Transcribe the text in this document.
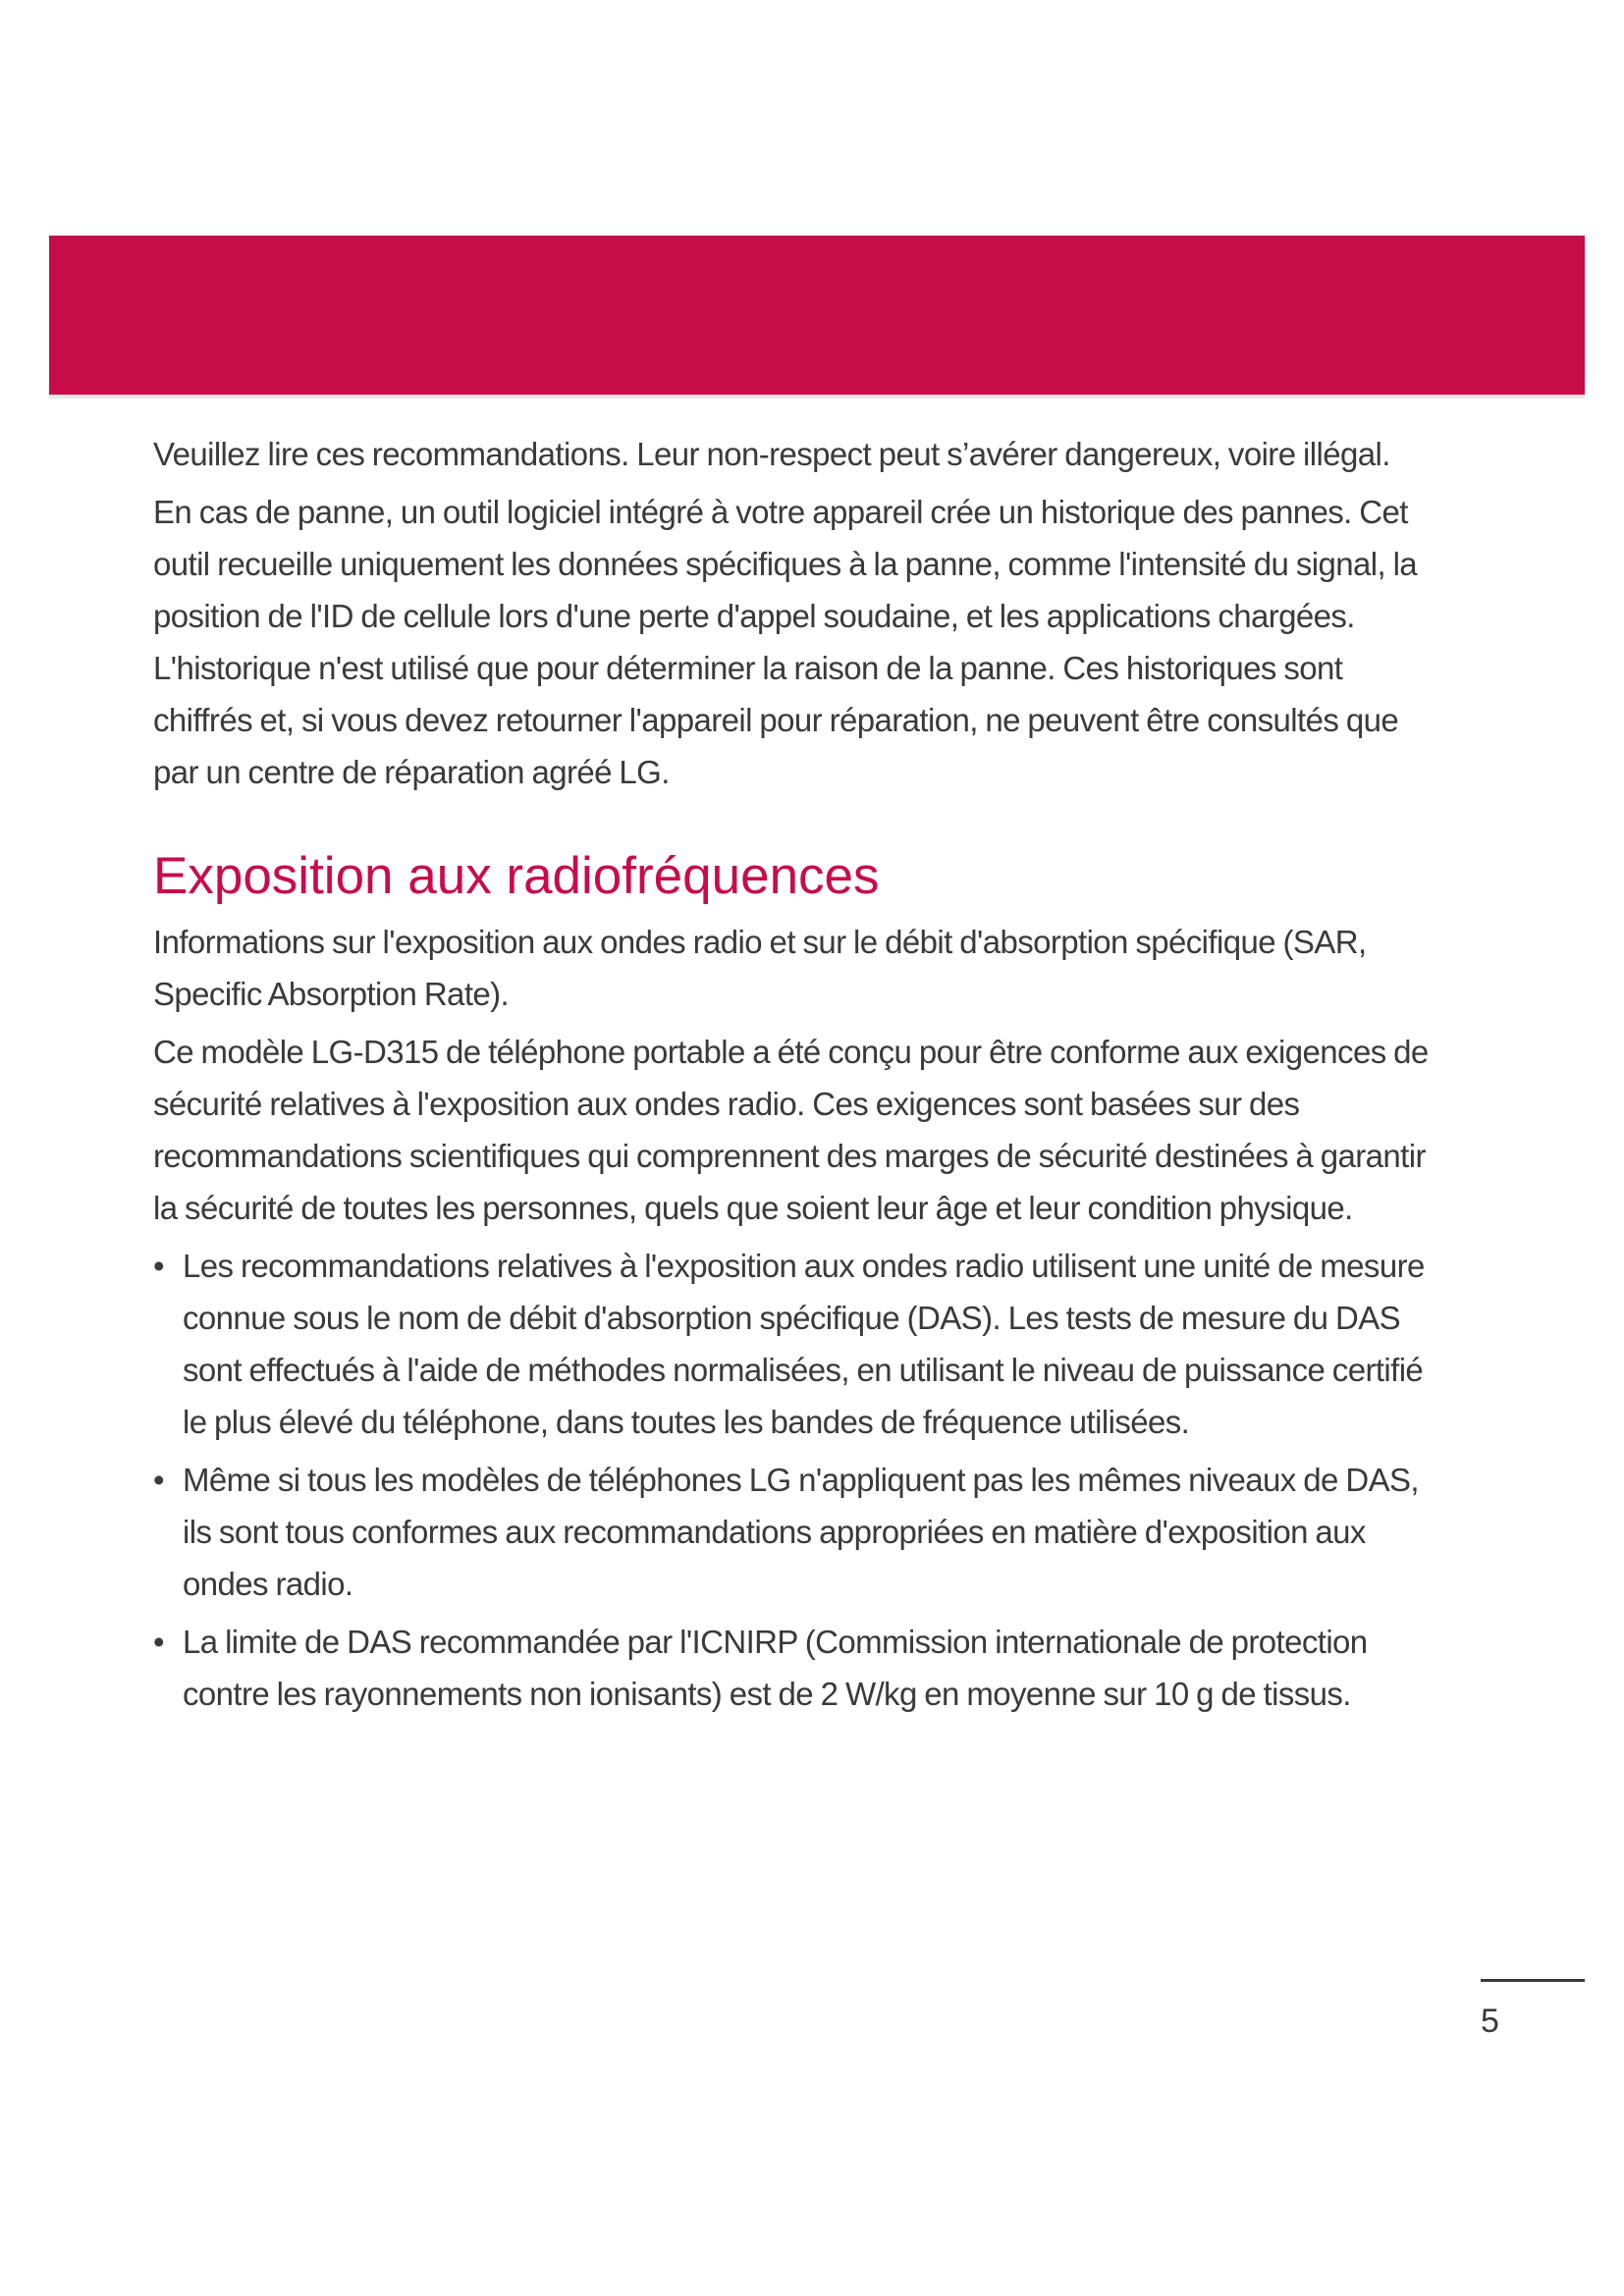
Recommandations pour une utilisation sûre et efficace

Veuillez lire ces recommandations. Leur non-respect peut s’avérer dangereux, voire illégal.

En cas de panne, un outil logiciel intégré à votre appareil crée un historique des pannes. Cet outil recueille uniquement les données spécifiques à la panne, comme l'intensité du signal, la position de l'ID de cellule lors d'une perte d'appel soudaine, et les applications chargées. L'historique n'est utilisé que pour déterminer la raison de la panne. Ces historiques sont chiffrés et, si vous devez retourner l'appareil pour réparation, ne peuvent être consultés que par un centre de réparation agréé LG.

Exposition aux radiofréquences

Informations sur l'exposition aux ondes radio et sur le débit d'absorption spécifique (SAR, Specific Absorption Rate).

Ce modèle LG-D315 de téléphone portable a été conçu pour être conforme aux exigences de sécurité relatives à l'exposition aux ondes radio. Ces exigences sont basées sur des recommandations scientifiques qui comprennent des marges de sécurité destinées à garantir la sécurité de toutes les personnes, quels que soient leur âge et leur condition physique.

• Les recommandations relatives à l'exposition aux ondes radio utilisent une unité de mesure connue sous le nom de débit d'absorption spécifique (DAS). Les tests de mesure du DAS sont effectués à l'aide de méthodes normalisées, en utilisant le niveau de puissance certifié le plus élevé du téléphone, dans toutes les bandes de fréquence utilisées.
• Même si tous les modèles de téléphones LG n'appliquent pas les mêmes niveaux de DAS, ils sont tous conformes aux recommandations appropriées en matière d'exposition aux ondes radio.
• La limite de DAS recommandée par l'ICNIRP (Commission internationale de protection contre les rayonnements non ionisants) est de 2 W/kg en moyenne sur 10 g de tissus.
5
